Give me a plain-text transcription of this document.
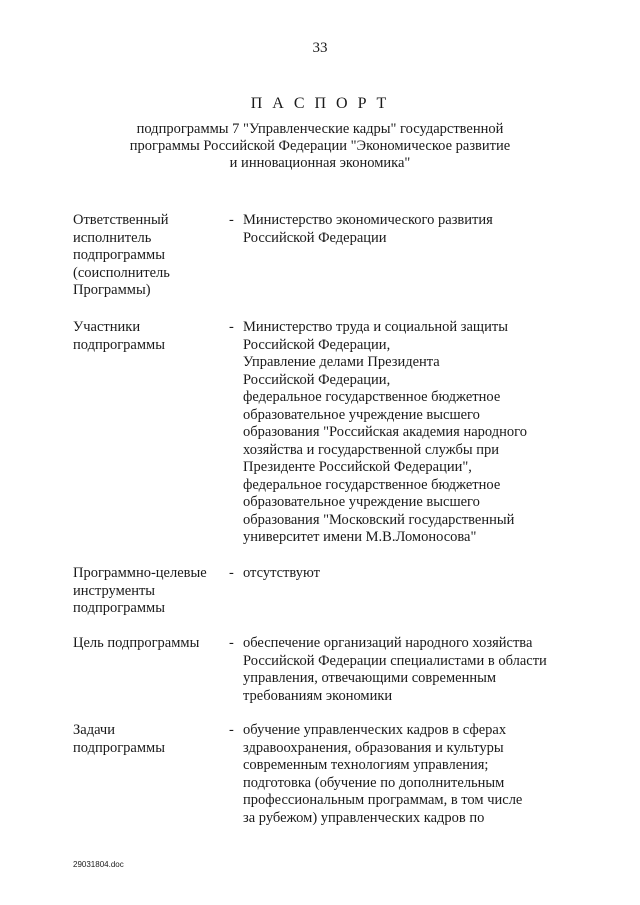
33
П А С П О Р Т
подпрограммы 7 "Управленческие кадры" государственной
программы Российской Федерации "Экономическое развитие
и инновационная экономика"
Ответственный
исполнитель
подпрограммы
(соисполнитель
Программы)
- Министерство экономического развития
Российской Федерации
Участники
подпрограммы
- Министерство труда и социальной защиты
Российской Федерации,
Управление делами Президента
Российской Федерации,
федеральное государственное бюджетное
образовательное учреждение высшего
образования "Российская академия народного
хозяйства и государственной службы при
Президенте Российской Федерации",
федеральное государственное бюджетное
образовательное учреждение высшего
образования "Московский государственный
университет имени М.В.Ломоносова"
Программно-целевые
инструменты
подпрограммы
- отсутствуют
Цель подпрограммы	- обеспечение организаций народного хозяйства
Российской Федерации специалистами в области
управления, отвечающими современным
требованиям экономики
Задачи
подпрограммы
- обучение управленческих кадров в сферах
здравоохранения, образования и культуры
современным технологиям управления;
подготовка (обучение по дополнительным
профессиональным программам, в том числе
за рубежом) управленческих кадров по
29031804.doc
